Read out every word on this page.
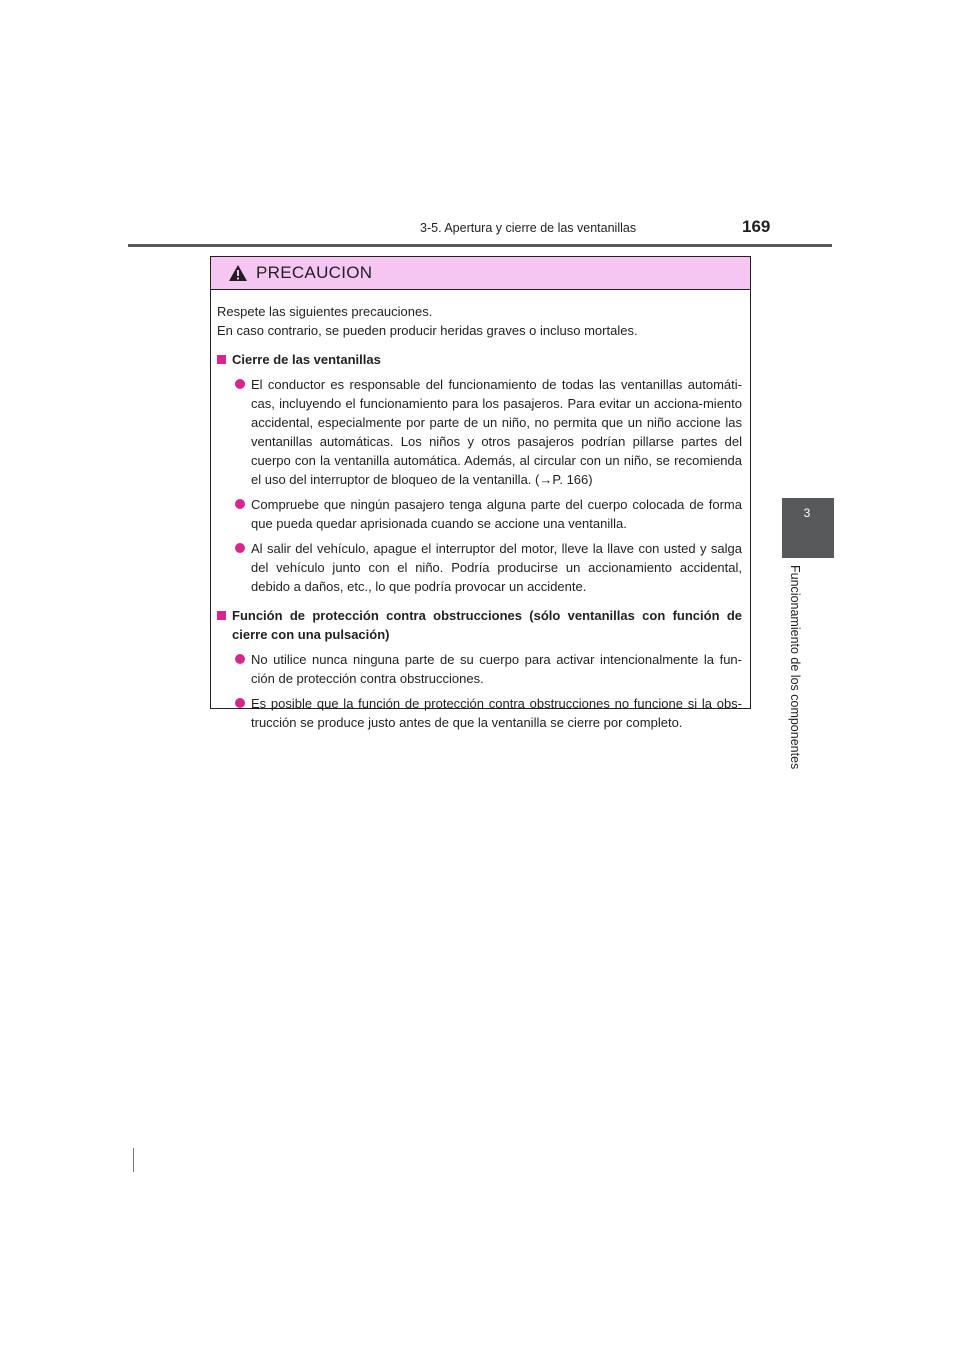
3-5. Apertura y cierre de las ventanillas	169
3
Funcionamiento de los componentes
PRECAUCION

Respete las siguientes precauciones.

En caso contrario, se pueden producir heridas graves o incluso mortales.

Cierre de las ventanillas
El conductor es responsable del funcionamiento de todas las ventanillas automáti-cas, incluyendo el funcionamiento para los pasajeros. Para evitar un acciona-miento accidental, especialmente por parte de un niño, no permita que un niño accione las ventanillas automáticas. Los niños y otros pasajeros podrían pillarse partes del cuerpo con la ventanilla automática. Además, al circular con un niño, se recomienda el uso del interruptor de bloqueo de la ventanilla. (→P. 166)
Compruebe que ningún pasajero tenga alguna parte del cuerpo colocada de forma que pueda quedar aprisionada cuando se accione una ventanilla.
Al salir del vehículo, apague el interruptor del motor, lleve la llave con usted y salga del vehículo junto con el niño. Podría producirse un accionamiento accidental, debido a daños, etc., lo que podría provocar un accidente.
Función de protección contra obstrucciones (sólo ventanillas con función de cierre con una pulsación)
No utilice nunca ninguna parte de su cuerpo para activar intencionalmente la fun-ción de protección contra obstrucciones.
Es posible que la función de protección contra obstrucciones no funcione si la obs-trucción se produce justo antes de que la ventanilla se cierre por completo.
